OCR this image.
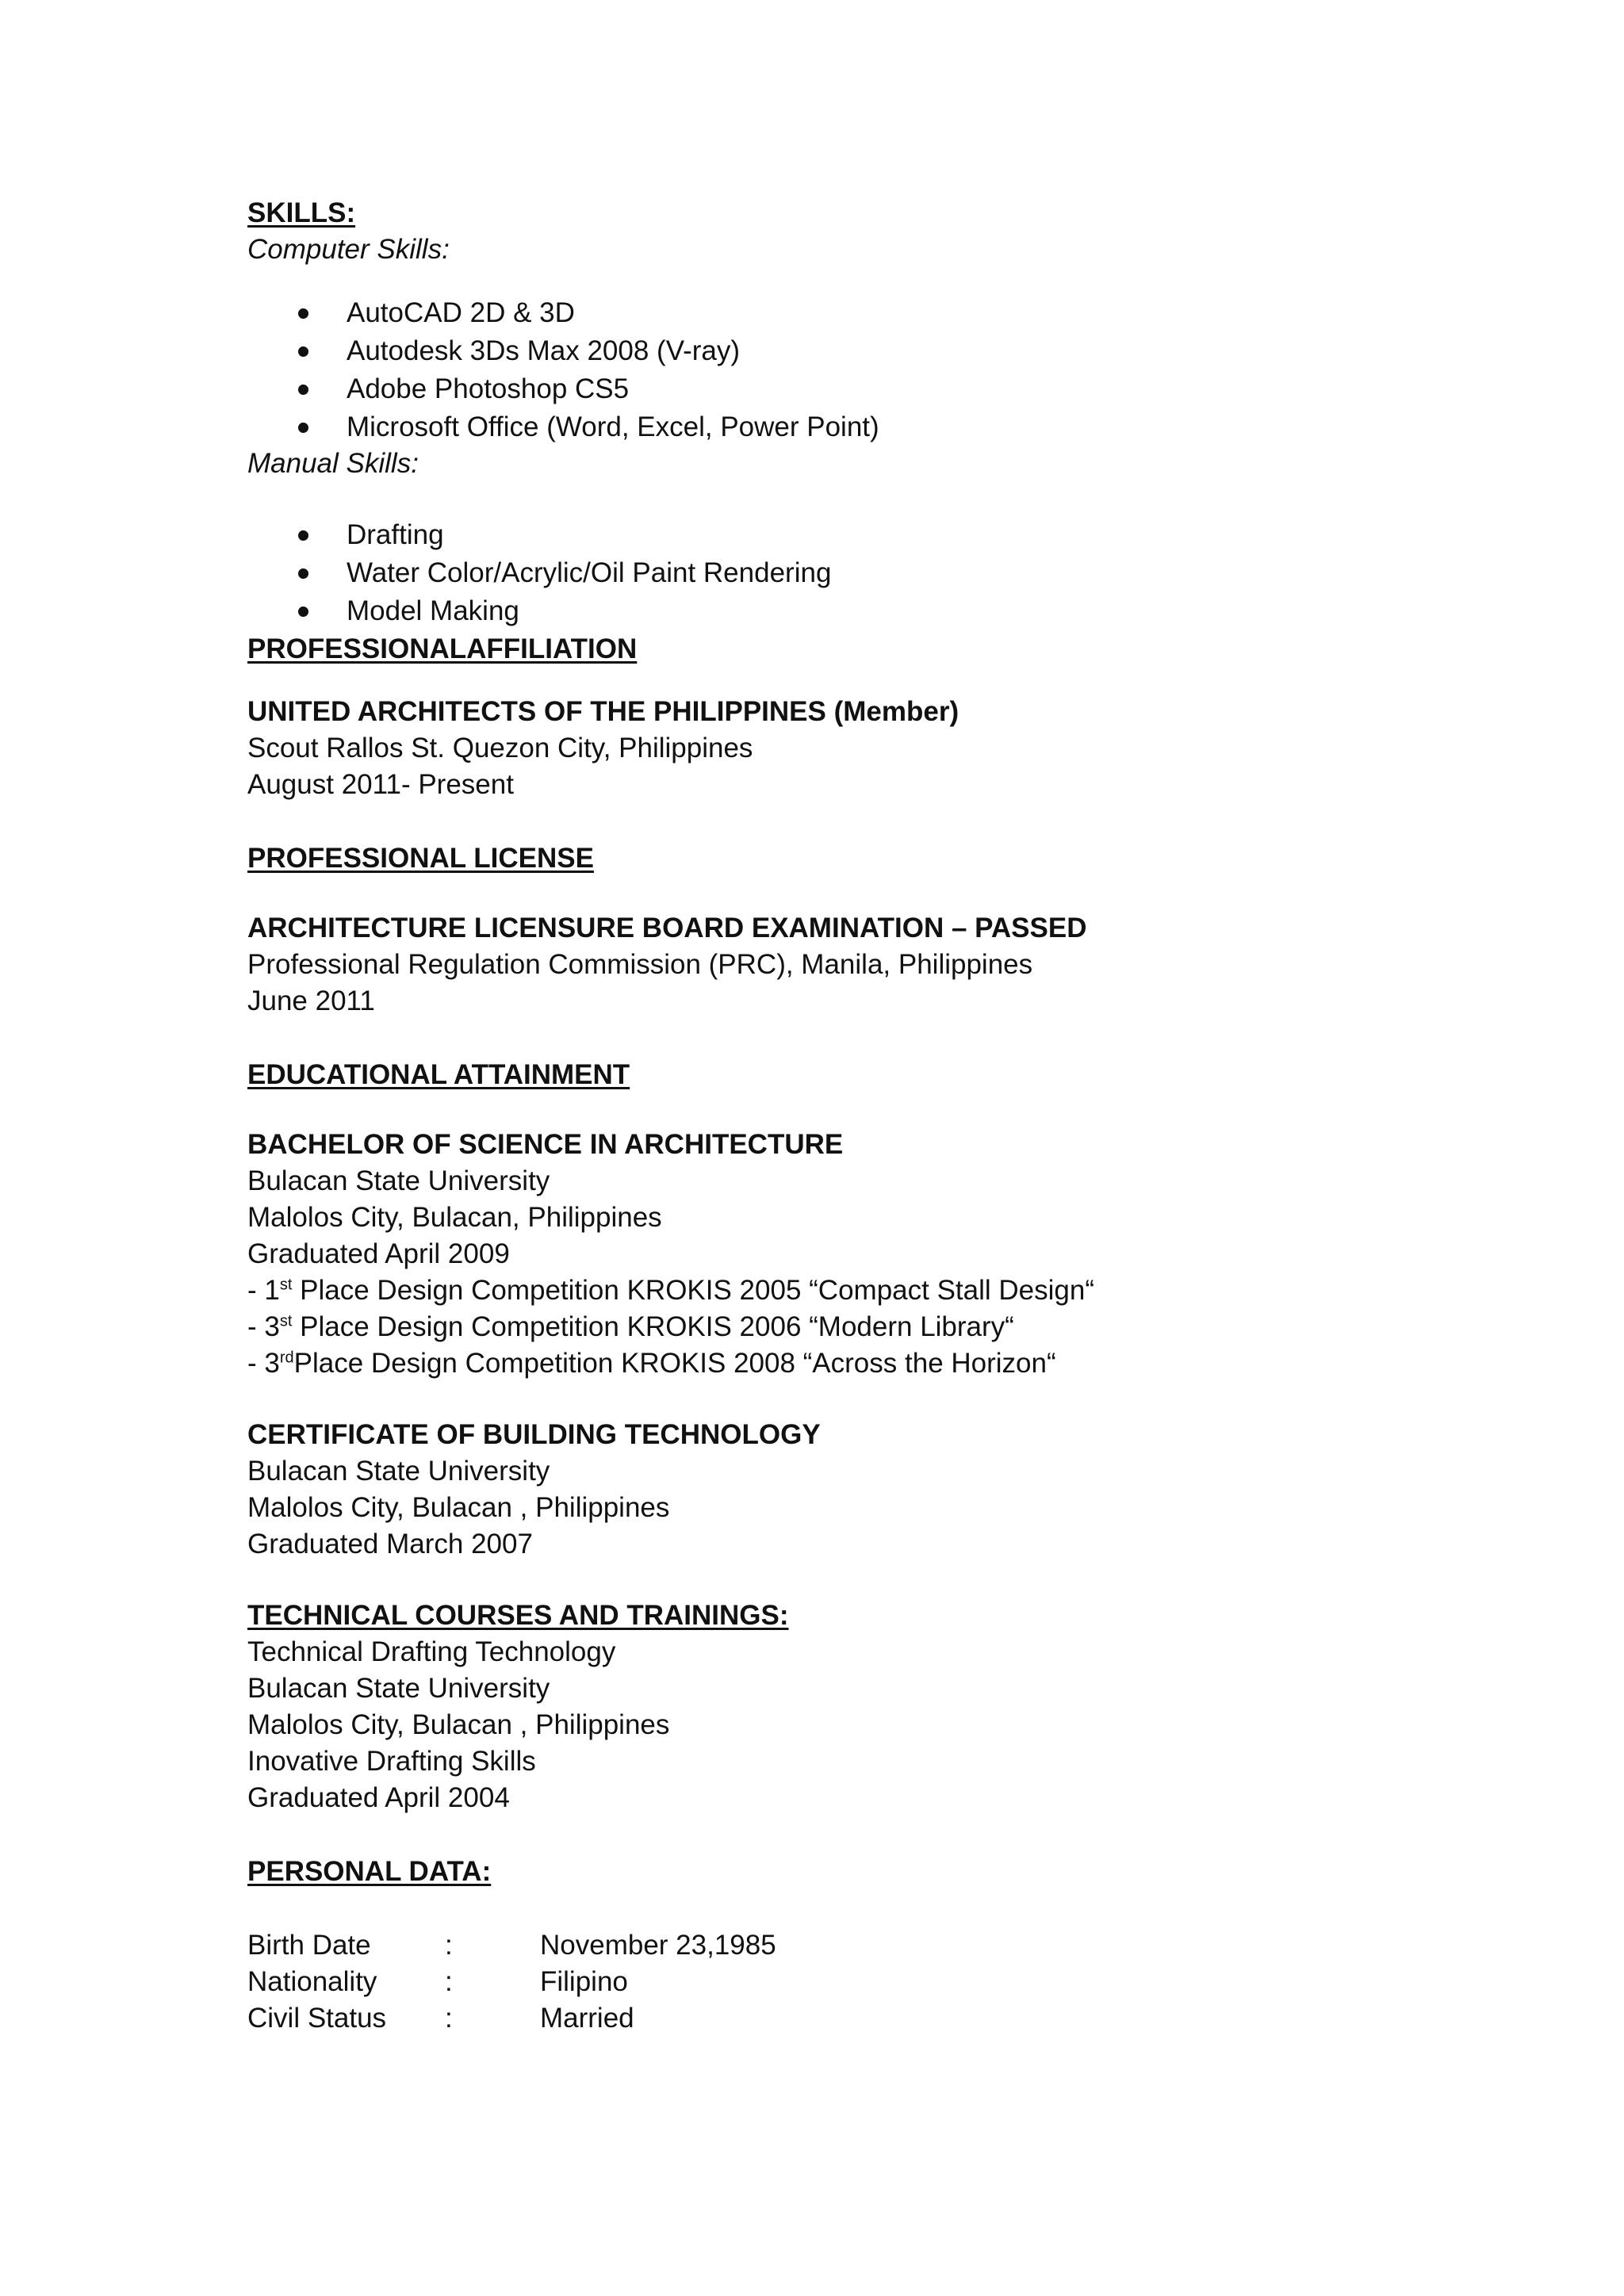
SKILLS:
Computer Skills:
AutoCAD 2D & 3D
Autodesk 3Ds Max 2008 (V-ray)
Adobe Photoshop CS5
Microsoft Office (Word, Excel, Power Point)
Manual Skills:
Drafting
Water Color/Acrylic/Oil Paint Rendering
Model Making
PROFESSIONALAFFILIATION
UNITED ARCHITECTS OF THE PHILIPPINES (Member)
Scout Rallos St. Quezon City, Philippines
August 2011- Present
PROFESSIONAL LICENSE
ARCHITECTURE LICENSURE BOARD EXAMINATION – PASSED
Professional Regulation Commission (PRC), Manila, Philippines
June 2011
EDUCATIONAL ATTAINMENT
BACHELOR OF SCIENCE IN ARCHITECTURE
Bulacan State University
Malolos City, Bulacan, Philippines
Graduated April 2009
- 1st Place Design Competition KROKIS 2005 “Compact Stall Design“
- 3st Place Design Competition KROKIS 2006 “Modern Library“
- 3rdPlace Design Competition KROKIS 2008 “Across the Horizon“
CERTIFICATE OF BUILDING TECHNOLOGY
Bulacan State University
Malolos City, Bulacan , Philippines
Graduated March 2007
TECHNICAL COURSES AND TRAININGS:
Technical Drafting Technology
Bulacan State University
Malolos City, Bulacan , Philippines
Inovative Drafting Skills
Graduated April 2004
PERSONAL DATA:
Birth Date	:	November 23,1985
Nationality	:	Filipino
Civil Status	:	Married
